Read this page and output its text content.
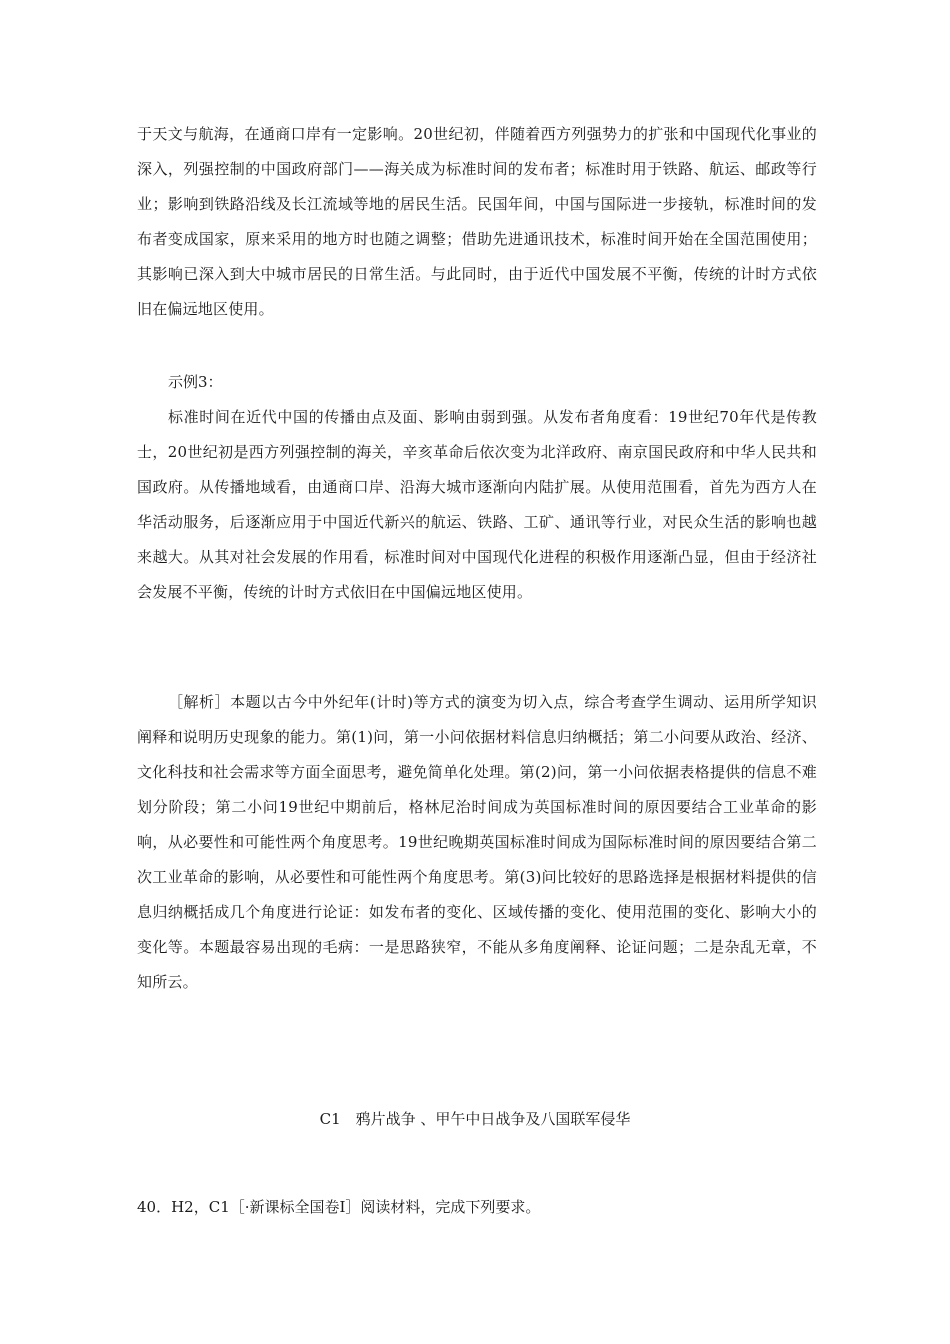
于天文与航海，在通商口岸有一定影响。20世纪初，伴随着西方列强势力的扩张和中国现代化事业的深入，列强控制的中国政府部门——海关成为标准时间的发布者；标准时用于铁路、航运、邮政等行业；影响到铁路沿线及长江流域等地的居民生活。民国年间，中国与国际进一步接轨，标准时间的发布者变成国家，原来采用的地方时也随之调整；借助先进通讯技术，标准时间开始在全国范围使用；其影响已深入到大中城市居民的日常生活。与此同时，由于近代中国发展不平衡，传统的计时方式依旧在偏远地区使用。

示例3：

标准时间在近代中国的传播由点及面、影响由弱到强。从发布者角度看：19世纪70年代是传教士，20世纪初是西方列强控制的海关，辛亥革命后依次变为北洋政府、南京国民政府和中华人民共和国政府。从传播地域看，由通商口岸、沿海大城市逐渐向内陆扩展。从使用范围看，首先为西方人在华活动服务，后逐渐应用于中国近代新兴的航运、铁路、工矿、通讯等行业，对民众生活的影响也越来越大。从其对社会发展的作用看，标准时间对中国现代化进程的积极作用逐渐凸显，但由于经济社会发展不平衡，传统的计时方式依旧在中国偏远地区使用。

［解析］本题以古今中外纪年(计时)等方式的演变为切入点，综合考查学生调动、运用所学知识阐释和说明历史现象的能力。第(1)问，第一小问依据材料信息归纳概括；第二小问要从政治、经济、文化科技和社会需求等方面全面思考，避免简单化处理。第(2)问，第一小问依据表格提供的信息不难划分阶段；第二小问19世纪中期前后，格林尼治时间成为英国标准时间的原因要结合工业革命的影响，从必要性和可能性两个角度思考。19世纪晚期英国标准时间成为国际标准时间的原因要结合第二次工业革命的影响，从必要性和可能性两个角度思考。第(3)问比较好的思路选择是根据材料提供的信息归纳概括成几个角度进行论证：如发布者的变化、区域传播的变化、使用范围的变化、影响大小的变化等。本题最容易出现的毛病：一是思路狭窄，不能从多角度阐释、论证问题；二是杂乱无章，不知所云。

C1　鸦片战争 、甲午中日战争及八国联军侵华

40．H2，C1［·新课标全国卷Ⅰ］阅读材料，完成下列要求。
